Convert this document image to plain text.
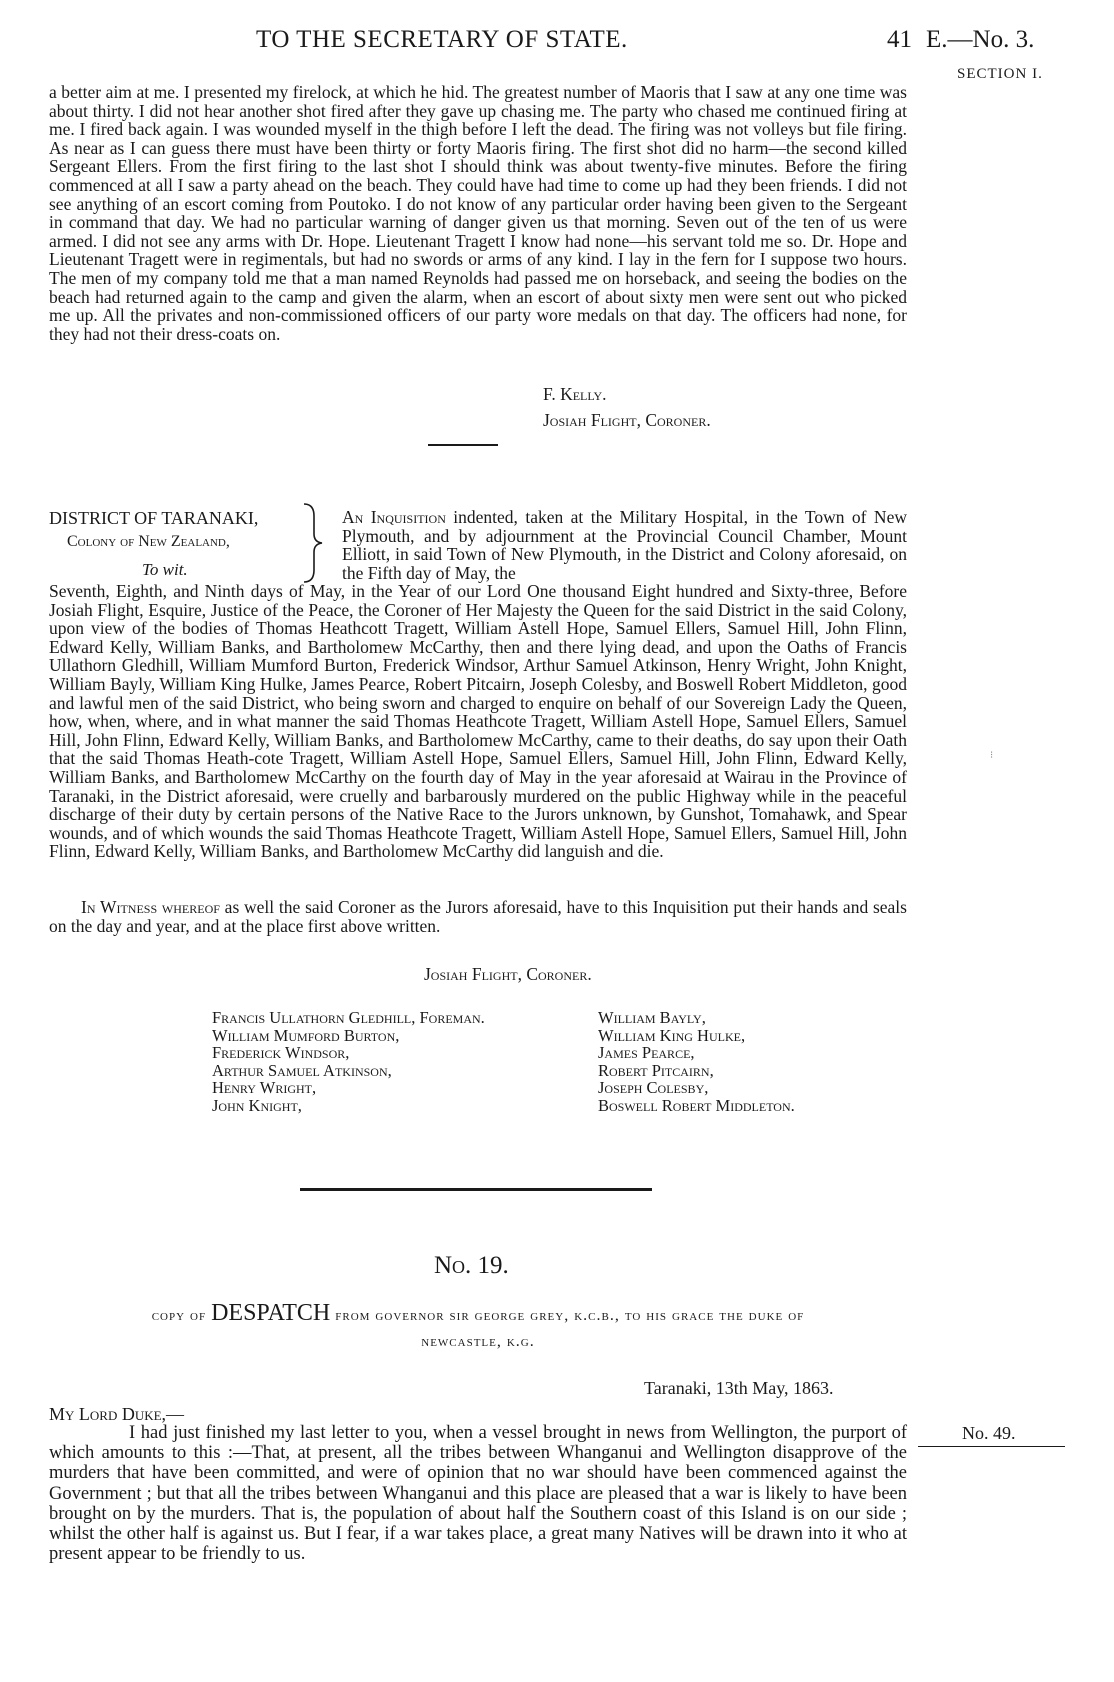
TO THE SECRETARY OF STATE.	41 E.—No. 3.
SECTION I.
a better aim at me. I presented my firelock, at which he hid. The greatest number of Maoris that I saw at any one time was about thirty. I did not hear another shot fired after they gave up chasing me. The party who chased me continued firing at me. I fired back again. I was wounded myself in the thigh before I left the dead. The firing was not volleys but file firing. As near as I can guess there must have been thirty or forty Maoris firing. The first shot did no harm—the second killed Sergeant Ellers. From the first firing to the last shot I should think was about twenty-five minutes. Before the firing commenced at all I saw a party ahead on the beach. They could have had time to come up had they been friends. I did not see anything of an escort coming from Poutoko. I do not know of any particular order having been given to the Sergeant in command that day. We had no particular warning of danger given us that morning. Seven out of the ten of us were armed. I did not see any arms with Dr. Hope. Lieutenant Tragett I know had none—his servant told me so. Dr. Hope and Lieutenant Tragett were in regimentals, but had no swords or arms of any kind. I lay in the fern for I suppose two hours. The men of my company told me that a man named Reynolds had passed me on horseback, and seeing the bodies on the beach had returned again to the camp and given the alarm, when an escort of about sixty men were sent out who picked me up. All the privates and non-commissioned officers of our party wore medals on that day. The officers had none, for they had not their dress-coats on.
F. Kelly.
Josiah Flight, Coroner.
DISTRICT OF TARANAKI,
Colony of New Zealand,
To wit.
An Inquisition indented, taken at the Military Hospital, in the Town of New Plymouth, and by adjournment at the Provincial Council Chamber, Mount Elliott, in said Town of New Plymouth, in the District and Colony aforesaid, on the Fifth day of May, the
Seventh, Eighth, and Ninth days of May, in the Year of our Lord One thousand Eight hundred and Sixty-three, Before Josiah Flight, Esquire, Justice of the Peace, the Coroner of Her Majesty the Queen for the said District in the said Colony, upon view of the bodies of Thomas Heathcott Tragett, William Astell Hope, Samuel Ellers, Samuel Hill, John Flinn, Edward Kelly, William Banks, and Bartholomew McCarthy, then and there lying dead, and upon the Oaths of Francis Ullathorn Gledhill, William Mumford Burton, Frederick Windsor, Arthur Samuel Atkinson, Henry Wright, John Knight, William Bayly, William King Hulke, James Pearce, Robert Pitcairn, Joseph Colesby, and Boswell Robert Middleton, good and lawful men of the said District, who being sworn and charged to enquire on behalf of our Sovereign Lady the Queen, how, when, where, and in what manner the said Thomas Heathcote Tragett, William Astell Hope, Samuel Ellers, Samuel Hill, John Flinn, Edward Kelly, William Banks, and Bartholomew McCarthy, came to their deaths, do say upon their Oath that the said Thomas Heath-cote Tragett, William Astell Hope, Samuel Ellers, Samuel Hill, John Flinn, Edward Kelly, William Banks, and Bartholomew McCarthy on the fourth day of May in the year aforesaid at Wairau in the Province of Taranaki, in the District aforesaid, were cruelly and barbarously murdered on the public Highway while in the peaceful discharge of their duty by certain persons of the Native Race to the Jurors unknown, by Gunshot, Tomahawk, and Spear wounds, and of which wounds the said Thomas Heathcote Tragett, William Astell Hope, Samuel Ellers, Samuel Hill, John Flinn, Edward Kelly, William Banks, and Bartholomew McCarthy did languish and die.
In Witness whereof as well the said Coroner as the Jurors aforesaid, have to this Inquisition put their hands and seals on the day and year, and at the place first above written.
Josiah Flight, Coroner.
Francis Ullathorn Gledhill, Foreman.
William Mumford Burton,
Frederick Windsor,
Arthur Samuel Atkinson,
Henry Wright,
John Knight,
William Bayly,
William King Hulke,
James Pearce,
Robert Pitcairn,
Joseph Colesby,
Boswell Robert Middleton.
⁝
No. 19.
copy of DESPATCH from governor sir george grey, k.c.b., to his grace the duke of
newcastle, k.g.
Taranaki, 13th May, 1863.
My Lord Duke,—
No. 49.
I had just finished my last letter to you, when a vessel brought in news from Wellington, the purport of which amounts to this :—That, at present, all the tribes between Whanganui and Wellington disapprove of the murders that have been committed, and were of opinion that no war should have been commenced against the Government ; but that all the tribes between Whanganui and this place are pleased that a war is likely to have been brought on by the murders. That is, the population of about half the Southern coast of this Island is on our side ; whilst the other half is against us. But I fear, if a war takes place, a great many Natives will be drawn into it who at present appear to be friendly to us.
